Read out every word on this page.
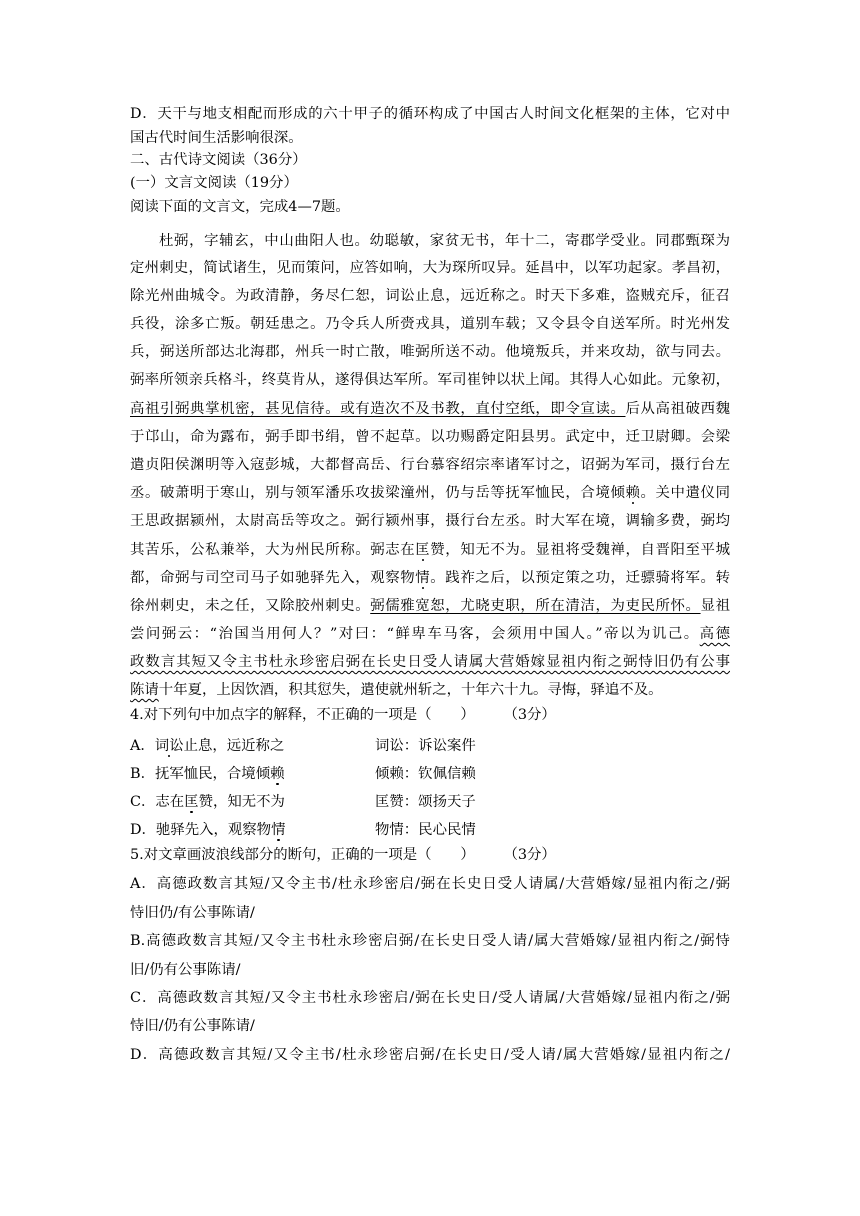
D．天干与地支相配而形成的六十甲子的循环构成了中国古人时间文化框架的主体，它对中
国古代时间生活影响很深。
二、古代诗文阅读（36分）
(一）文言文阅读（19分）
阅读下面的文言文，完成4—7题。
杜弼，字辅玄，中山曲阳人也。幼聪敏，家贫无书，年十二，寄郡学受业。同郡甄琛为
定州刺史，简试诸生，见而策问，应答如响，大为琛所叹异。延昌中，以军功起家。孝昌初，
除光州曲城令。为政清静，务尽仁恕，词讼止息，远近称之。时天下多难，盗贼充斥，征召
兵役，涂多亡叛。朝廷患之。乃令兵人所赍戎具，道别车载；又令县令自送军所。时光州发
兵，弼送所部达北海郡，州兵一时亡散，唯弼所送不动。他境叛兵，并来攻劫，欲与同去。
弼率所领亲兵格斗，终莫肯从，遂得俱达军所。军司崔钟以状上闻。其得人心如此。元象初，
高祖引弼典掌机密，甚见信待。或有造次不及书教，直付空纸，即令宣读。后从高祖破西魏
于邙山，命为露布，弼手即书绢，曾不起草。以功赐爵定阳县男。武定中，迁卫尉卿。会梁
遣贞阳侯渊明等入寇彭城，大都督高岳、行台慕容绍宗率诸军讨之，诏弼为军司，摄行台左
丞。破萧明于寒山，别与领军潘乐攻拔梁潼州，仍与岳等抚军恤民，合境倾赖。关中遣仪同
王思政据颍州，太尉高岳等攻之。弼行颍州事，摄行台左丞。时大军在境，调输多费，弼均
其苦乐，公私兼举，大为州民所称。弼志在匡赞，知无不为。显祖将受魏禅，自晋阳至平城
都，命弼与司空司马子如驰驿先入，观察物情。践祚之后，以预定策之功，迁骠骑将军。转
徐州刺史，未之任，又除胶州刺史。弼儒雅宽恕，尤晓吏职，所在清洁，为吏民所怀。显祖
尝问弼云：“治国当用何人？”对曰：“鲜卑车马客，会须用中国人。”帝以为讥己。高德
政数言其短又令主书杜永珍密启弼在长史日受人请属大营婚嫁显祖内衔之弼恃旧仍有公事
陈请十年夏，上因饮酒，积其愆失，遣使就州斩之，十年六十九。寻悔，驿追不及。
4.对下列句中加点字的解释，不正确的一项是（　　）　　　（3分）
A．词讼止息，远近称之	词讼：诉讼案件
B．抚军恤民，合境倾赖	倾赖：钦佩信赖
C．志在匡赞，知无不为	匡赞：颂扬天子
D．驰驿先入，观察物情	物情：民心民情
5.对文章画波浪线部分的断句，正确的一项是（　　）　　　（3分）
A．高德政数言其短/又令主书/杜永珍密启/弼在长史日受人请属/大营婚嫁/显祖内衔之/弼
恃旧仍/有公事陈请/
B.高德政数言其短/又令主书杜永珍密启弼/在长史日受人请/属大营婚嫁/显祖内衔之/弼恃
旧/仍有公事陈请/
C．高德政数言其短/又令主书杜永珍密启/弼在长史日/受人请属/大营婚嫁/显祖内衔之/弼
恃旧/仍有公事陈请/
D．高德政数言其短/又令主书/杜永珍密启弼/在长史日/受人请/属大营婚嫁/显祖内衔之/
